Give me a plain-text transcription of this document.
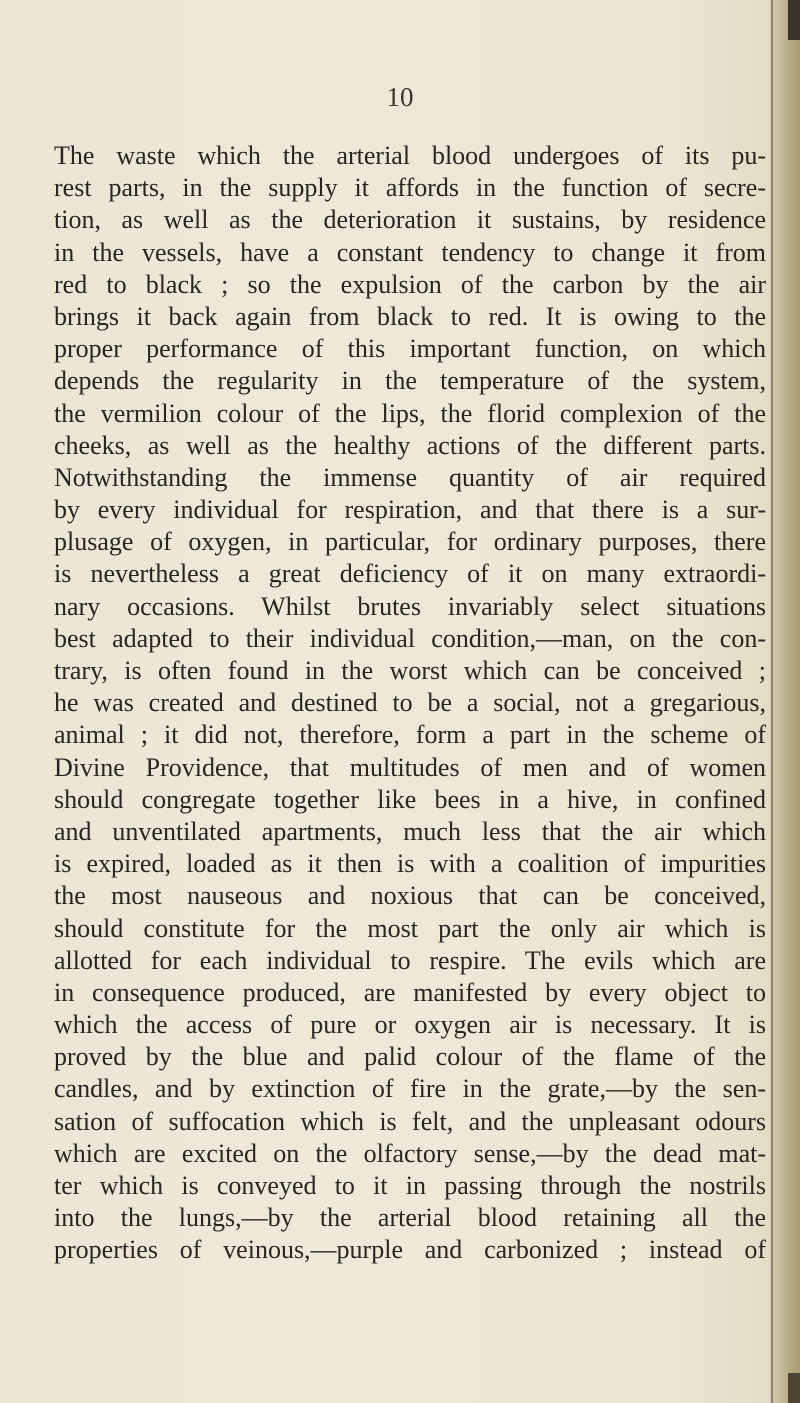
10
The waste which the arterial blood undergoes of its pu-
rest parts, in the supply it affords in the function of secre-
tion, as well as the deterioration it sustains, by residence
in the vessels, have a constant tendency to change it from
red to black ; so the expulsion of the carbon by the air
brings it back again from black to red. It is owing to the
proper performance of this important function, on which
depends the regularity in the temperature of the system,
the vermilion colour of the lips, the florid complexion of the
cheeks, as well as the healthy actions of the different parts.
Notwithstanding the immense quantity of air required
by every individual for respiration, and that there is a sur-
plusage of oxygen, in particular, for ordinary purposes, there
is nevertheless a great deficiency of it on many extraordi-
nary occasions. Whilst brutes invariably select situations
best adapted to their individual condition,—man, on the con-
trary, is often found in the worst which can be conceived ;
he was created and destined to be a social, not a gregarious,
animal ; it did not, therefore, form a part in the scheme of
Divine Providence, that multitudes of men and of women
should congregate together like bees in a hive, in confined
and unventilated apartments, much less that the air which
is expired, loaded as it then is with a coalition of impurities
the most nauseous and noxious that can be conceived,
should constitute for the most part the only air which is
allotted for each individual to respire. The evils which are
in consequence produced, are manifested by every object to
which the access of pure or oxygen air is necessary. It is
proved by the blue and palid colour of the flame of the
candles, and by extinction of fire in the grate,—by the sen-
sation of suffocation which is felt, and the unpleasant odours
which are excited on the olfactory sense,—by the dead mat-
ter which is conveyed to it in passing through the nostrils
into the lungs,—by the arterial blood retaining all the
properties of veinous,—purple and carbonized ; instead of
